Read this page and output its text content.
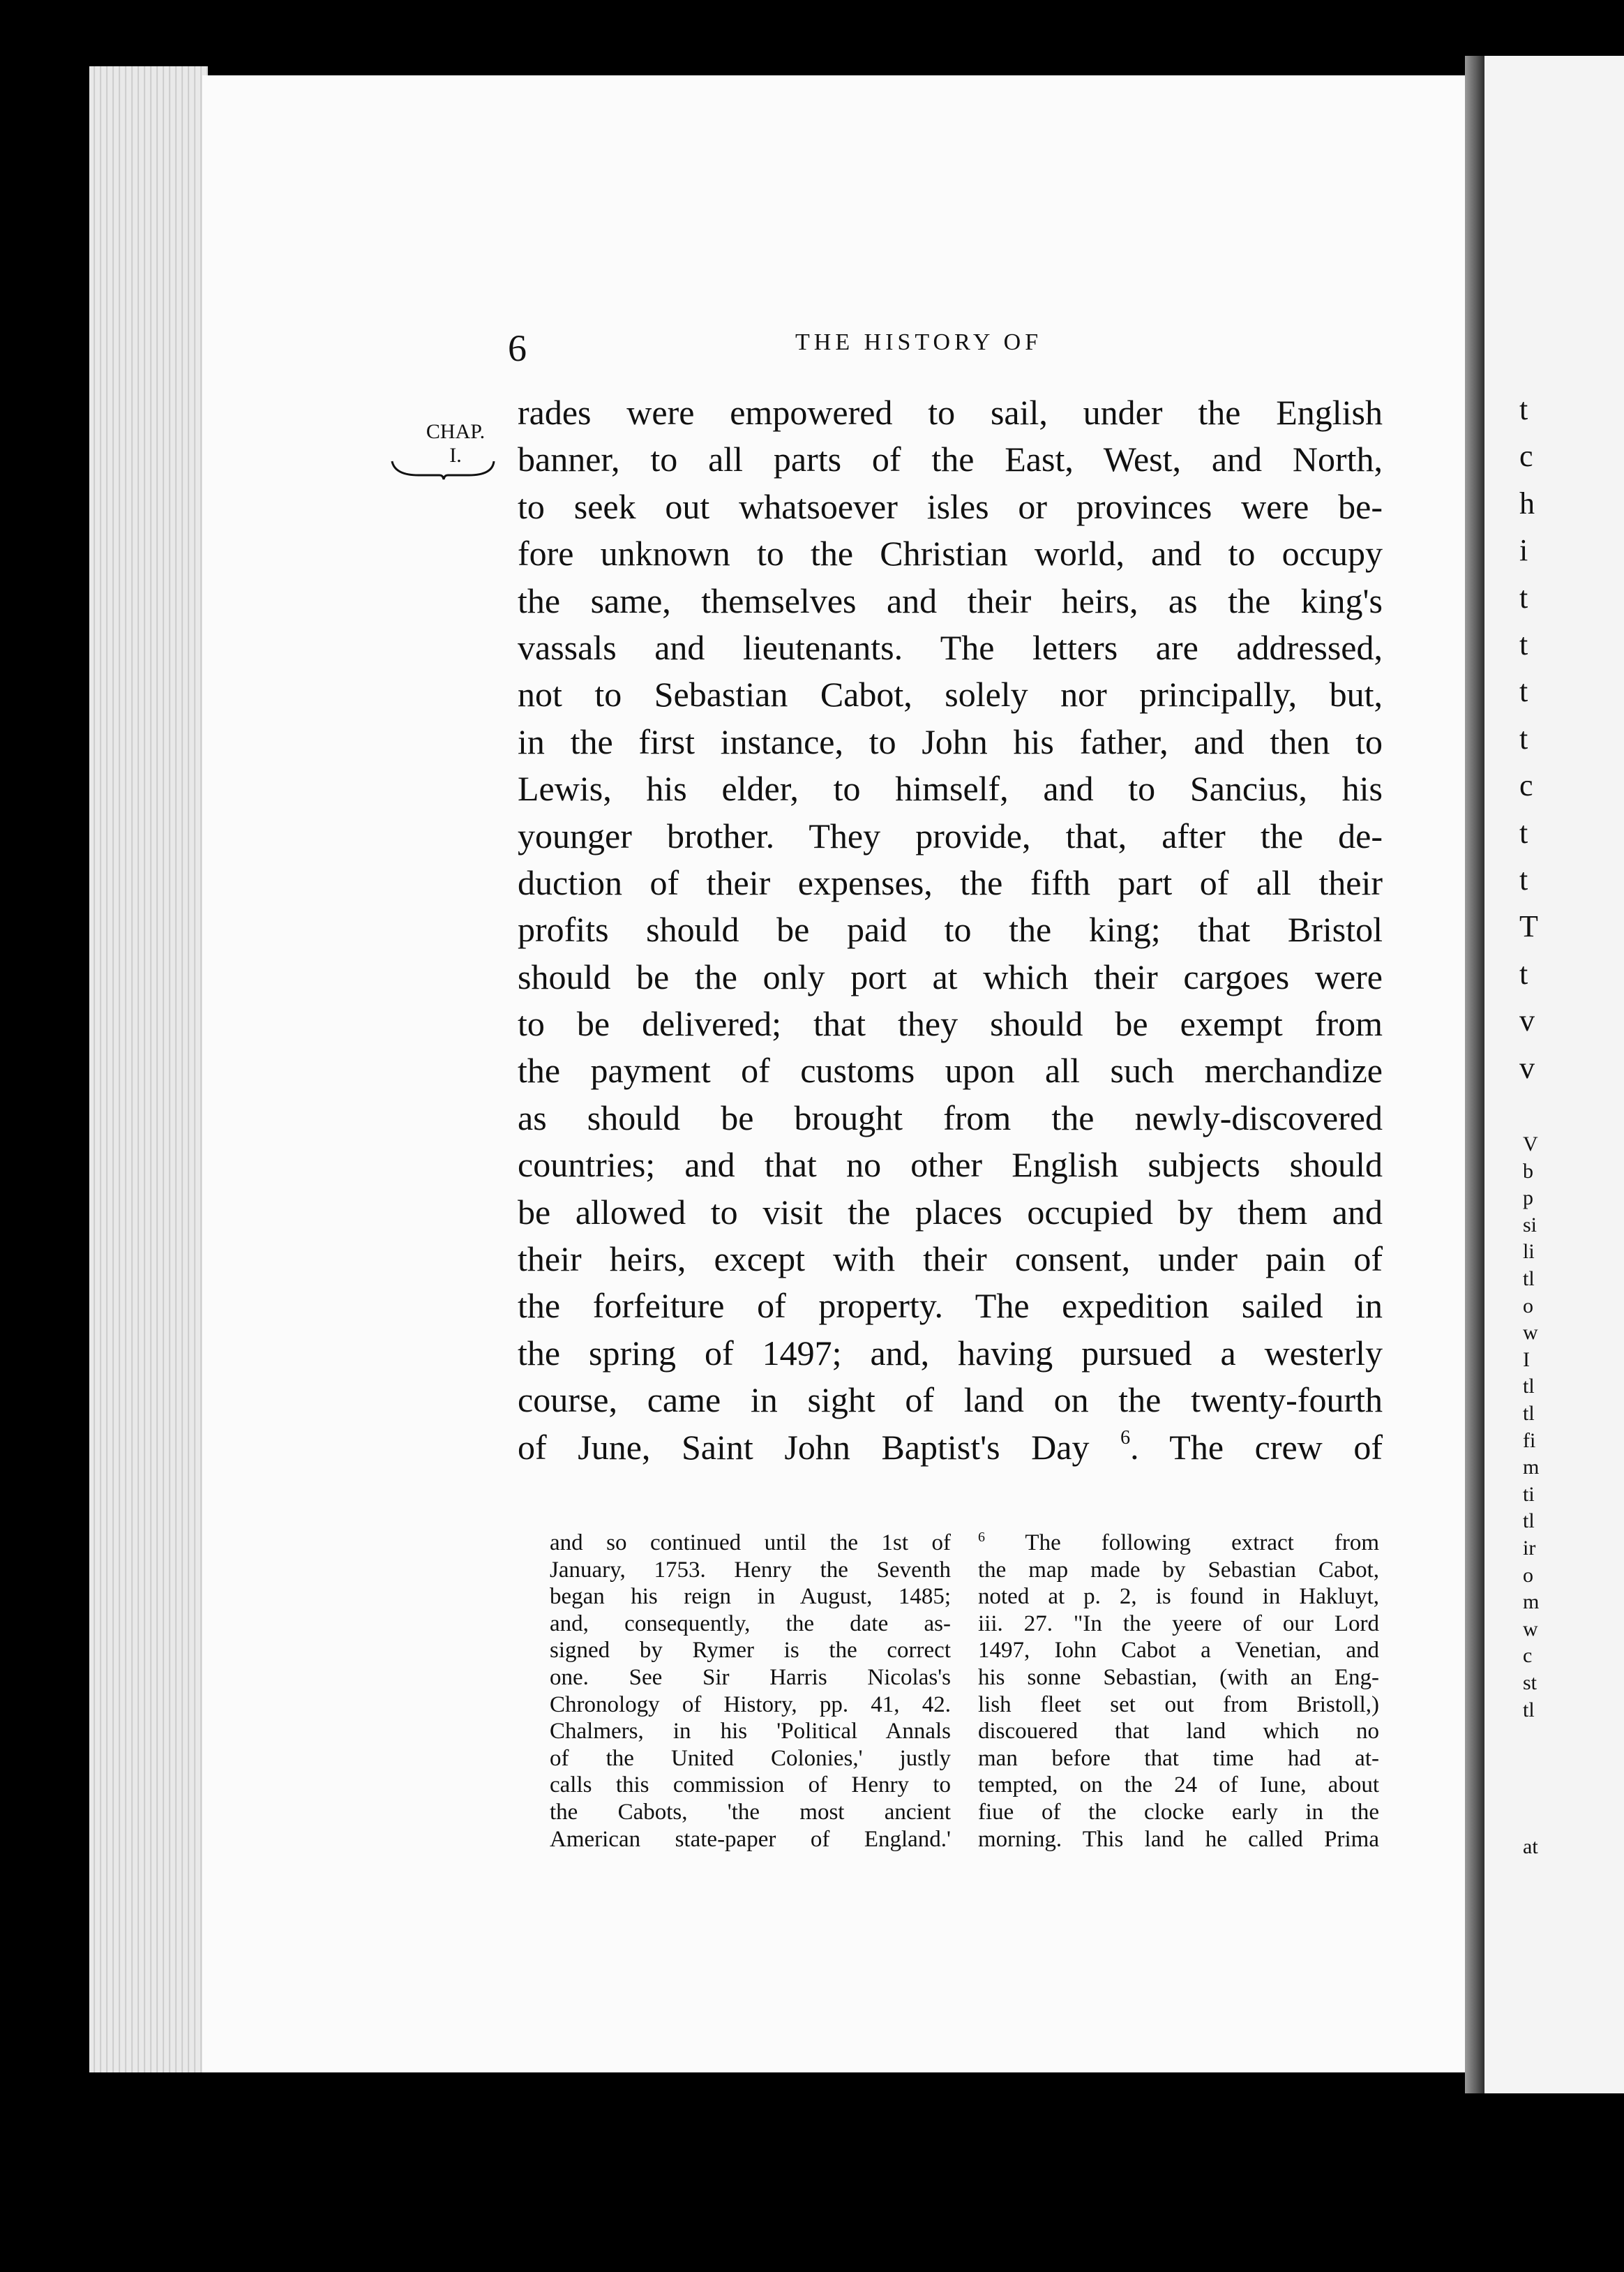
t
c
h
i
t
t
t
t
c
t
t
T
t
v
v
V
b
p
si
li
tl
o
w
I
tl
tl
fi
m
ti
tl
ir
o
m
w
c
st
tl
at
6	THE HISTORY OF
CHAP.
I.
rades were empowered to sail, under the English
banner, to all parts of the East, West, and North,
to seek out whatsoever isles or provinces were be-
fore unknown to the Christian world, and to occupy
the same, themselves and their heirs, as the king's
vassals and lieutenants. The letters are addressed,
not to Sebastian Cabot, solely nor principally, but,
in the first instance, to John his father, and then to
Lewis, his elder, to himself, and to Sancius, his
younger brother. They provide, that, after the de-
duction of their expenses, the fifth part of all their
profits should be paid to the king; that Bristol
should be the only port at which their cargoes were
to be delivered; that they should be exempt from
the payment of customs upon all such merchandize
as should be brought from the newly-discovered
countries; and that no other English subjects should
be allowed to visit the places occupied by them and
their heirs, except with their consent, under pain of
the forfeiture of property. The expedition sailed in
the spring of 1497; and, having pursued a westerly
course, came in sight of land on the twenty-fourth
of June, Saint John Baptist's Day $^6$. The crew of
and so continued until the 1st of
January, 1753. Henry the Seventh
began his reign in August, 1485;
and, consequently, the date as-
signed by Rymer is the correct
one. See Sir Harris Nicolas's
Chronology of History, pp. 41, 42.
Chalmers, in his 'Political Annals
of the United Colonies,' justly
calls this commission of Henry to
the Cabots, 'the most ancient
American state-paper of England.'
$^6$ The following extract from
the map made by Sebastian Cabot,
noted at p. 2, is found in Hakluyt,
iii. 27. "In the yeere of our Lord
1497, Iohn Cabot a Venetian, and
his sonne Sebastian, (with an Eng-
lish fleet set out from Bristoll,)
discouered that land which no
man before that time had at-
tempted, on the 24 of Iune, about
fiue of the clocke early in the
morning. This land he called Prima
